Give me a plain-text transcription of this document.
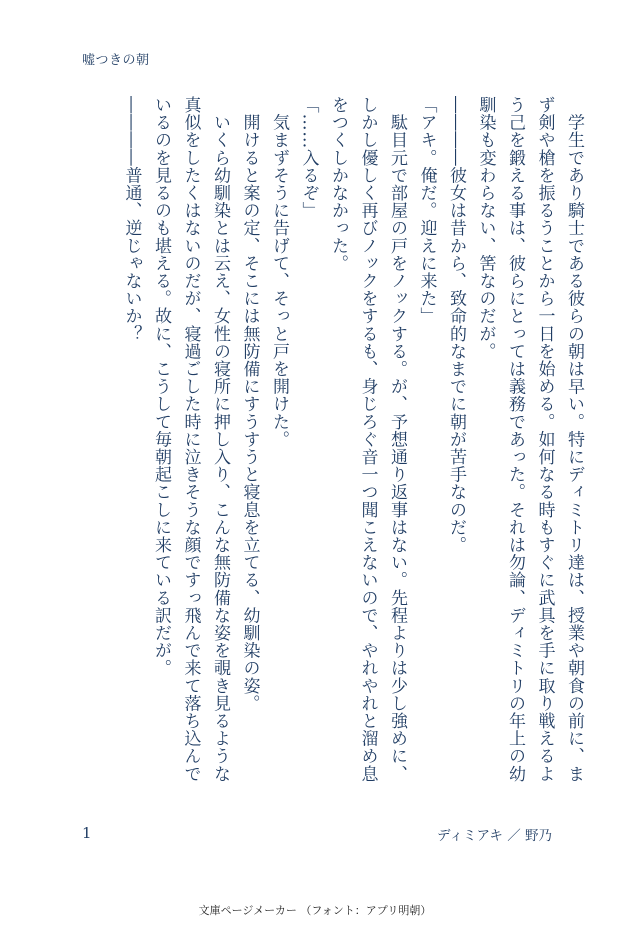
嘘つきの朝

　学生であり騎士である彼らの朝は早い。特にディミトリ達は、授業や朝食の前に、まず剣や槍を振るうことから一日を始める。如何なる時もすぐに武具を手に取り戦えるよう己を鍛える事は、彼らにとっては義務であった。それは勿論、ディミトリの年上の幼馴染も変わらない、筈なのだが。

――――彼女は昔から、致命的なまでに朝が苦手なのだ。

「アキ。俺だ。迎えに来た」

　駄目元で部屋の戸をノックする。が、予想通り返事はない。先程よりは少し強めに、しかし優しく再びノックをするも、身じろぐ音一つ聞こえないので、やれやれと溜め息をつくしかなかった。

「……入るぞ」

　気まずそうに告げて、そっと戸を開けた。

　開けると案の定、そこには無防備にすうすうと寝息を立てる、幼馴染の姿。

　いくら幼馴染とは云え、女性の寝所に押し入り、こんな無防備な姿を覗き見るような真似をしたくはないのだが、寝過ごした時に泣きそうな顔ですっ飛んで来て落ち込んでいるのを見るのも堪える。故に、こうして毎朝起こしに来ている訳だが。

――――普通、逆じゃないか？

1	ディミアキ ／ 野乃
文庫ページメーカー （フォント：アプリ明朝）
